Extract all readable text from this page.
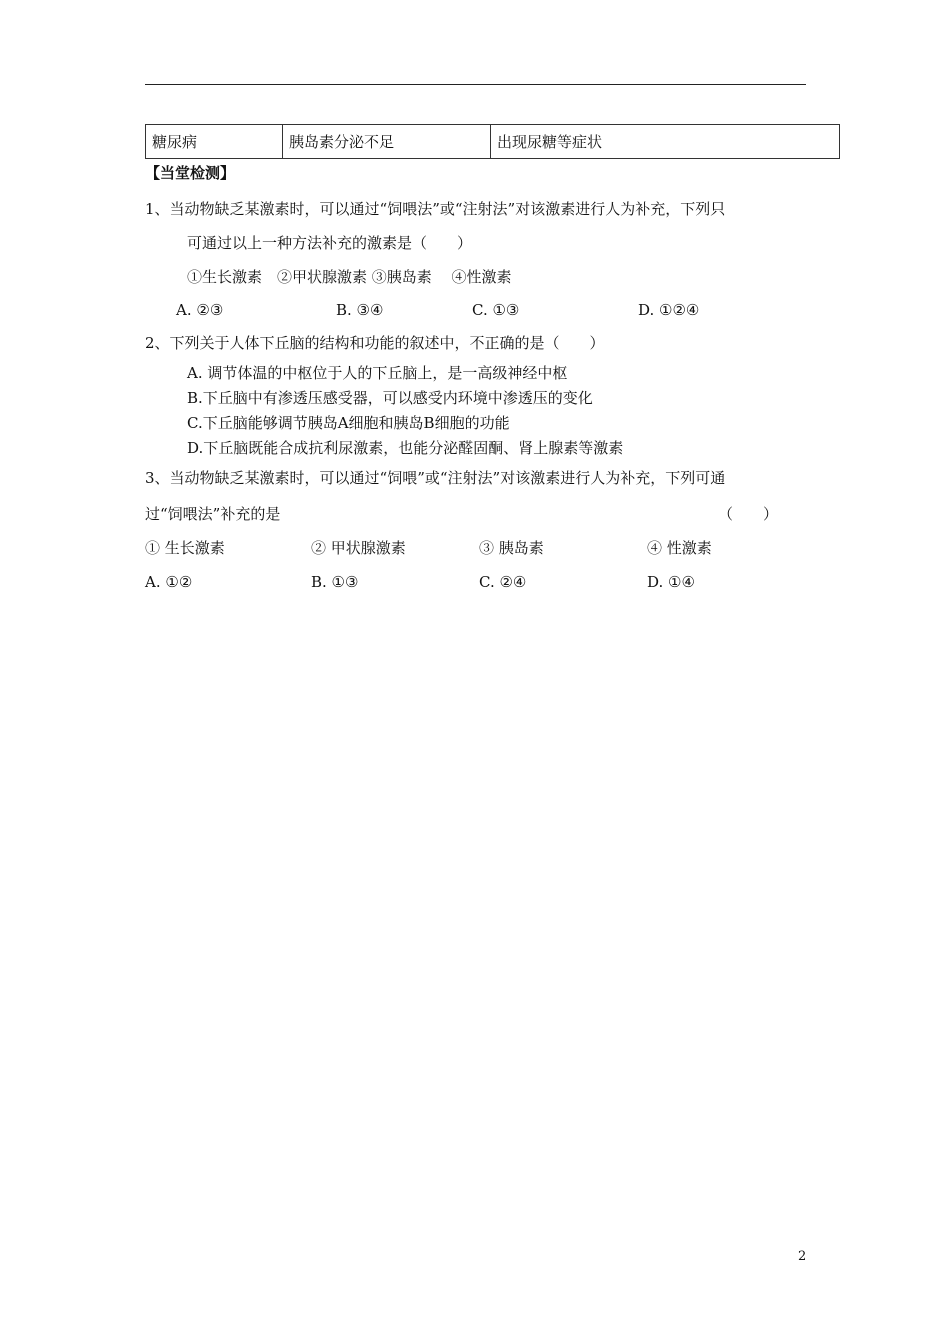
糖尿病	胰岛素分泌不足	出现尿糖等症状
【当堂检测】
1、当动物缺乏某激素时，可以通过“饲喂法”或“注射法”对该激素进行人为补充，下列只
可通过以上一种方法补充的激素是（　　）
①生长激素　②甲状腺激素 ③胰岛素　 ④性激素
A. ②③	B. ③④	C. ①③	D. ①②④
2、下列关于人体下丘脑的结构和功能的叙述中，不正确的是（　　）
A. 调节体温的中枢位于人的下丘脑上，是一高级神经中枢
B.下丘脑中有渗透压感受器，可以感受内环境中渗透压的变化
C.下丘脑能够调节胰岛A细胞和胰岛B细胞的功能
D.下丘脑既能合成抗利尿激素，也能分泌醛固酮、肾上腺素等激素
3、当动物缺乏某激素时，可以通过“饲喂”或“注射法”对该激素进行人为补充，下列可通
过“饲喂法”补充的是	（　　）
① 生长激素	② 甲状腺激素	③ 胰岛素	④ 性激素
A. ①②	B. ①③	C. ②④	D. ①④
2
